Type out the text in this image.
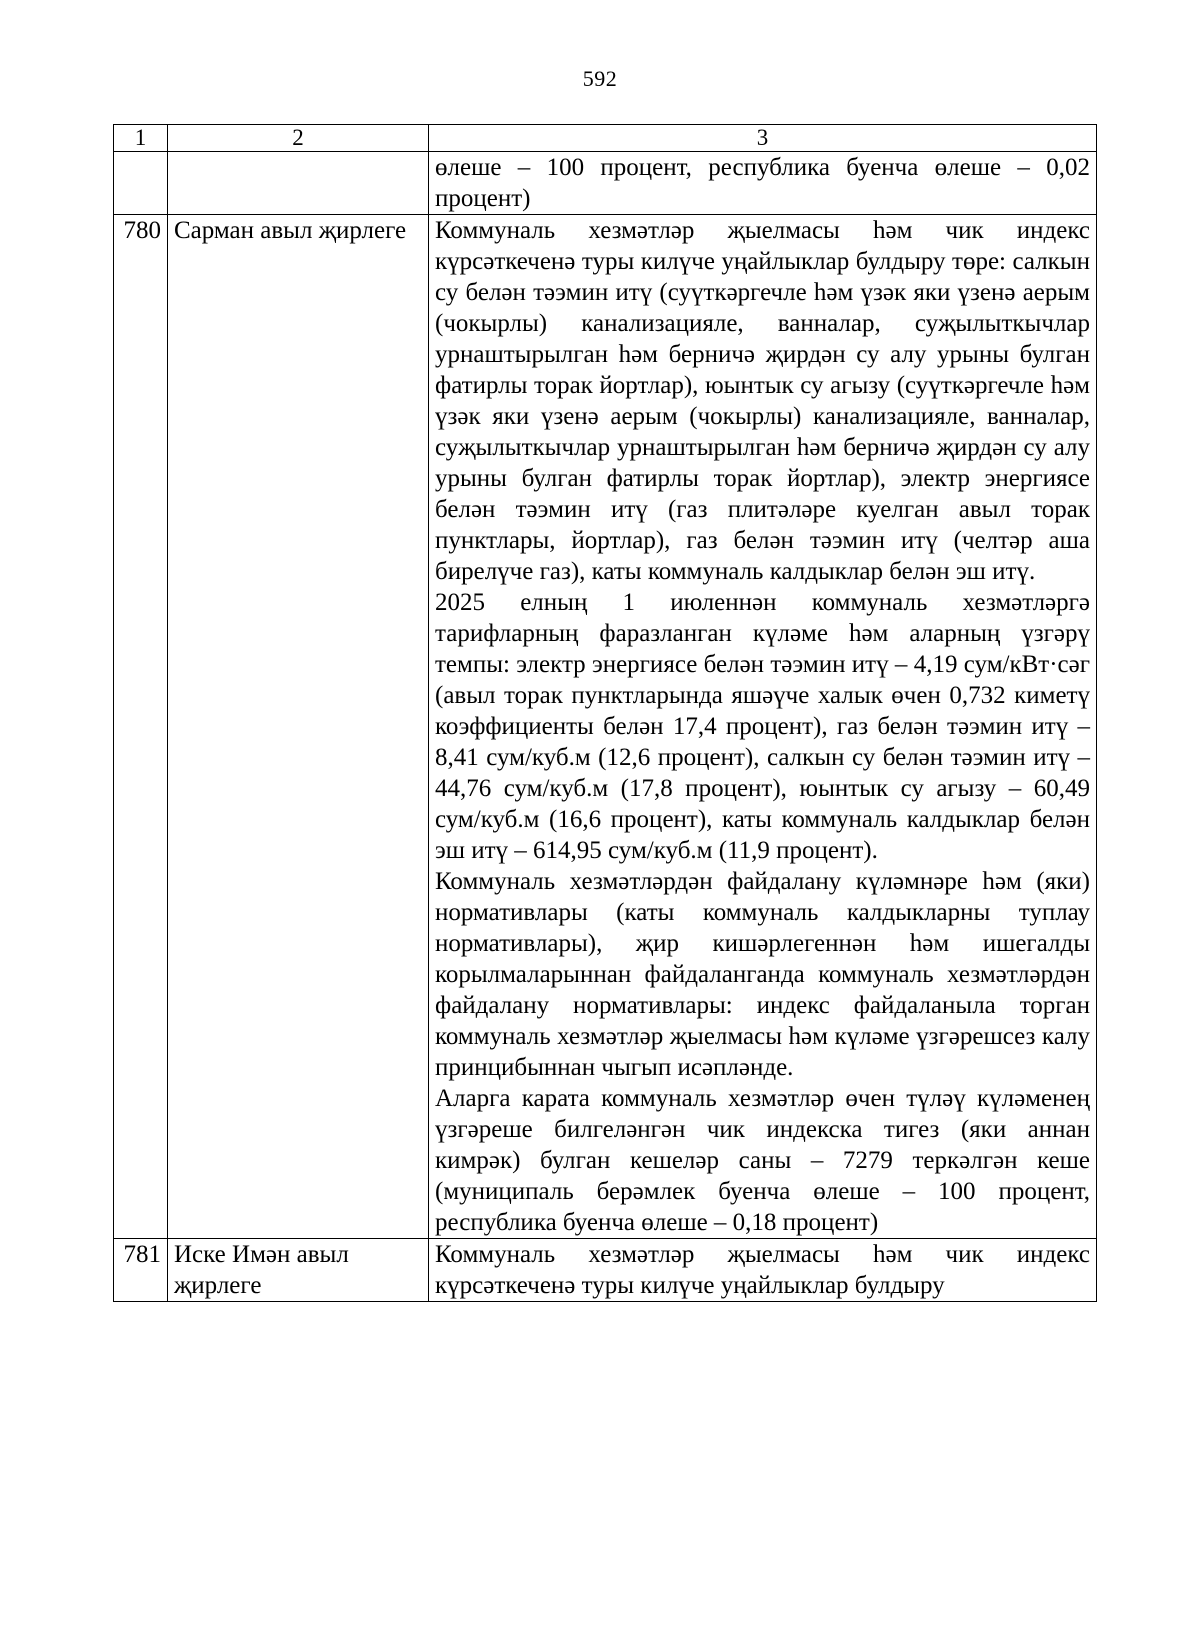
592
1	2	3

		өлеше – 100 процент, республика буенча өлеше – 0,02 процент)

780	Сарман авыл җирлеге	Коммуналь хезмәтләр җыелмасы һәм чик индекс күрсәткеченә туры килүче уңайлыклар булдыру төре: салкын су белән тәэмин итү (суүткәргечле һәм үзәк яки үзенә аерым (чокырлы) канализацияле, ванналар, суҗылыткычлар урнаштырылган һәм берничә җирдән су алу урыны булган фатирлы торак йортлар), юынтык су агызу (суүткәргечле һәм үзәк яки үзенә аерым (чокырлы) канализацияле, ванналар, суҗылыткычлар урнаштырылган һәм берничә җирдән су алу урыны булган фатирлы торак йортлар), электр энергиясе белән тәэмин итү (газ плитәләре куелган авыл торак пунктлары, йортлар), газ белән тәэмин итү (челтәр аша бирелүче газ), каты коммуналь калдыклар белән эш итү.

2025 елның 1 июленнән коммуналь хезмәтләргә тарифларның фаразланган күләме һәм аларның үзгәрү темпы: электр энергиясе белән тәэмин итү – 4,19 сум/кВт·сәг (авыл торак пунктларында яшәүче халык өчен 0,732 киметү коэффициенты белән 17,4 процент), газ белән тәэмин итү – 8,41 сум/куб.м (12,6 процент), салкын су белән тәэмин итү – 44,76 сум/куб.м (17,8 процент), юынтык су агызу – 60,49 сум/куб.м (16,6 процент), каты коммуналь калдыклар белән эш итү – 614,95 сум/куб.м (11,9 процент).

Коммуналь хезмәтләрдән файдалану күләмнәре һәм (яки) нормативлары (каты коммуналь калдыкларны туплау нормативлары), җир кишәрлегеннән һәм ишегалды корылмаларыннан файдаланганда коммуналь хезмәтләрдән файдалану нормативлары: индекс файдаланыла торган коммуналь хезмәтләр җыелмасы һәм күләме үзгәрешсез калу принцибыннан чыгып исәпләнде.

Аларга карата коммуналь хезмәтләр өчен түләү күләменең үзгәреше билгеләнгән чик индекска тигез (яки аннан кимрәк) булган кешеләр саны – 7279 теркәлгән кеше (муниципаль берәмлек буенча өлеше – 100 процент, республика буенча өлеше – 0,18 процент)

781	Иске Имән авыл җирлеге	Коммуналь хезмәтләр җыелмасы һәм чик индекс күрсәткеченә туры килүче уңайлыклар булдыру
